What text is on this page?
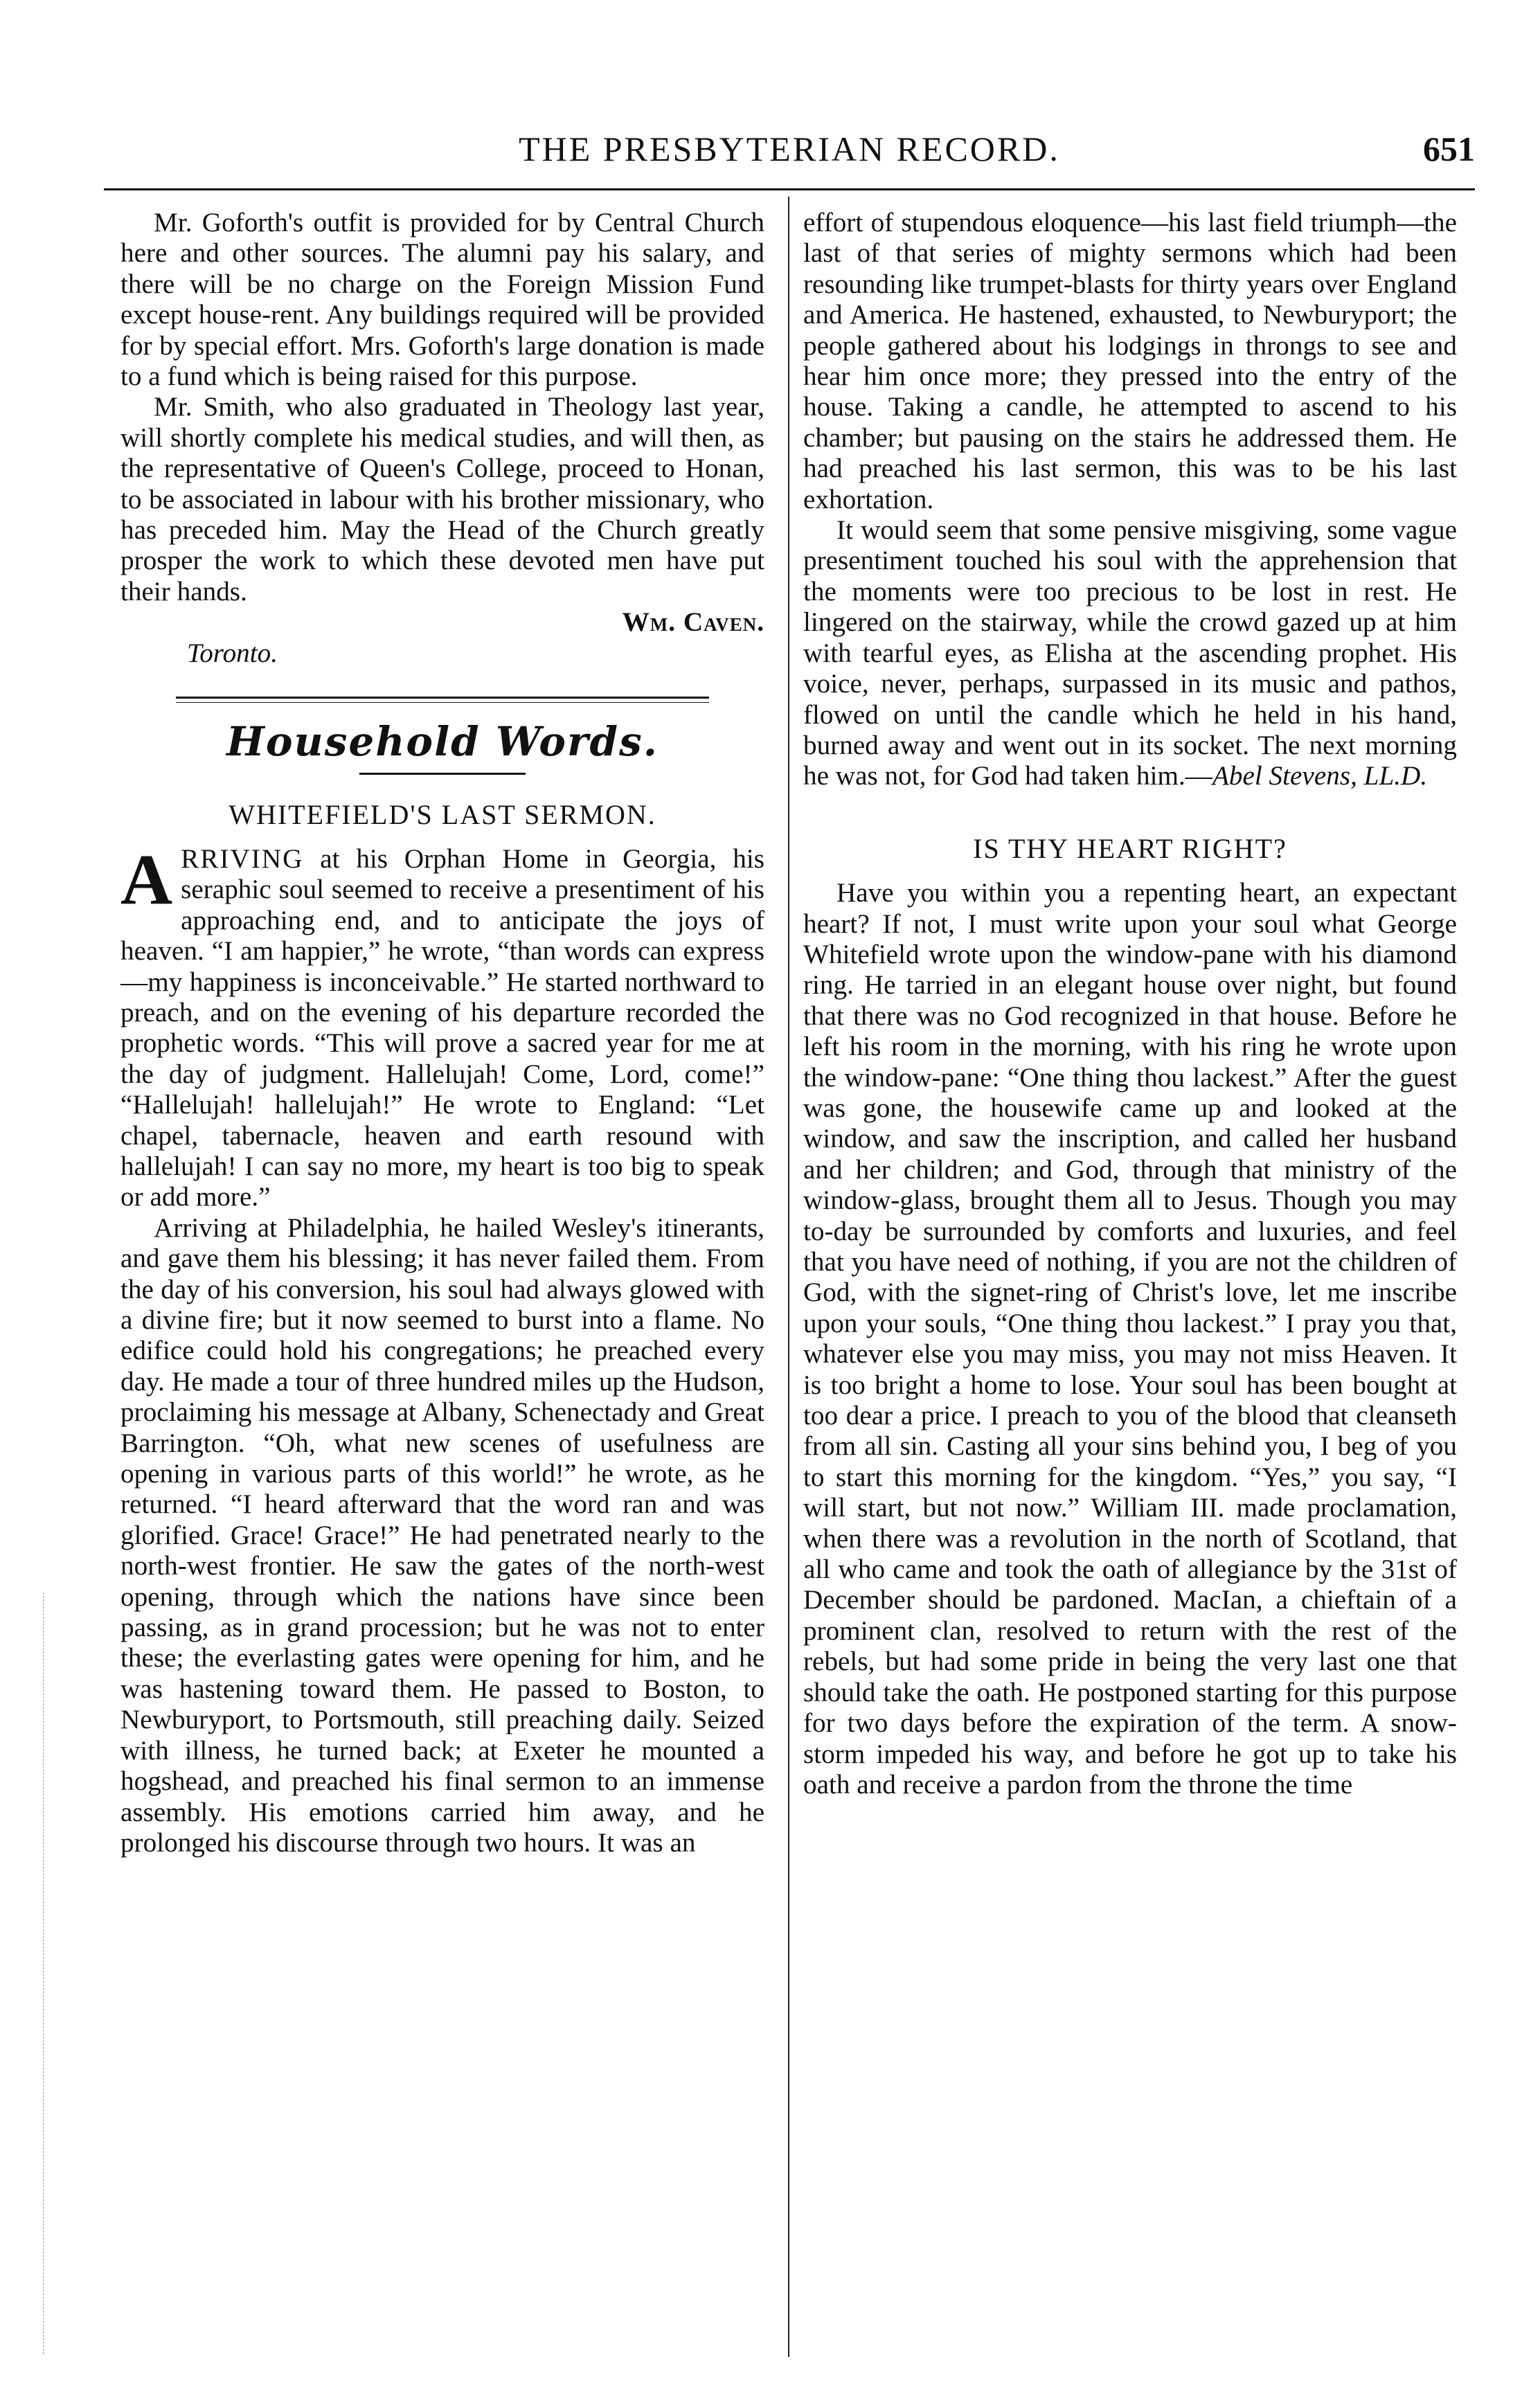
THE PRESBYTERIAN RECORD.	651

Mr. Goforth's outfit is provided for by Central Church here and other sources. The alumni pay his salary, and there will be no charge on the Foreign Mission Fund except house-rent. Any buildings required will be provided for by special effort. Mrs. Goforth's large donation is made to a fund which is being raised for this purpose.

Mr. Smith, who also graduated in Theology last year, will shortly complete his medical studies, and will then, as the representative of Queen's College, proceed to Honan, to be associated in labour with his brother missionary, who has preceded him. May the Head of the Church greatly prosper the work to which these devoted men have put their hands.

Wm. Caven.

Toronto.

Household Words.
WHITEFIELD'S LAST SERMON.

ARRIVING at his Orphan Home in Georgia, his seraphic soul seemed to receive a presentiment of his approaching end, and to anticipate the joys of heaven. “I am happier,” he wrote, “than words can express—my happiness is inconceivable.” He started northward to preach, and on the evening of his departure recorded the prophetic words. “This will prove a sacred year for me at the day of judgment. Hallelujah! Come, Lord, come!” “Hallelujah! hallelujah!” He wrote to England: “Let chapel, tabernacle, heaven and earth resound with hallelujah! I can say no more, my heart is too big to speak or add more.”

Arriving at Philadelphia, he hailed Wesley's itinerants, and gave them his blessing; it has never failed them. From the day of his conversion, his soul had always glowed with a divine fire; but it now seemed to burst into a flame. No edifice could hold his congregations; he preached every day. He made a tour of three hundred miles up the Hudson, proclaiming his message at Albany, Schenectady and Great Barrington. “Oh, what new scenes of usefulness are opening in various parts of this world!” he wrote, as he returned. “I heard afterward that the word ran and was glorified. Grace! Grace!” He had penetrated nearly to the north-west frontier. He saw the gates of the north-west opening, through which the nations have since been passing, as in grand procession; but he was not to enter these; the everlasting gates were opening for him, and he was hastening toward them. He passed to Boston, to Newburyport, to Portsmouth, still preaching daily. Seized with illness, he turned back; at Exeter he mounted a hogshead, and preached his final sermon to an immense assembly. His emotions carried him away, and he prolonged his discourse through two hours. It was an

effort of stupendous eloquence—his last field triumph—the last of that series of mighty sermons which had been resounding like trumpet-blasts for thirty years over England and America. He hastened, exhausted, to Newburyport; the people gathered about his lodgings in throngs to see and hear him once more; they pressed into the entry of the house. Taking a candle, he attempted to ascend to his chamber; but pausing on the stairs he addressed them. He had preached his last sermon, this was to be his last exhortation.

It would seem that some pensive misgiving, some vague presentiment touched his soul with the apprehension that the moments were too precious to be lost in rest. He lingered on the stairway, while the crowd gazed up at him with tearful eyes, as Elisha at the ascending prophet. His voice, never, perhaps, surpassed in its music and pathos, flowed on until the candle which he held in his hand, burned away and went out in its socket. The next morning he was not, for God had taken him.—Abel Stevens, LL.D.

IS THY HEART RIGHT?

Have you within you a repenting heart, an expectant heart? If not, I must write upon your soul what George Whitefield wrote upon the window-pane with his diamond ring. He tarried in an elegant house over night, but found that there was no God recognized in that house. Before he left his room in the morning, with his ring he wrote upon the window-pane: “One thing thou lackest.” After the guest was gone, the housewife came up and looked at the window, and saw the inscription, and called her husband and her children; and God, through that ministry of the window-glass, brought them all to Jesus. Though you may to-day be surrounded by comforts and luxuries, and feel that you have need of nothing, if you are not the children of God, with the signet-ring of Christ's love, let me inscribe upon your souls, “One thing thou lackest.” I pray you that, whatever else you may miss, you may not miss Heaven. It is too bright a home to lose. Your soul has been bought at too dear a price. I preach to you of the blood that cleanseth from all sin. Casting all your sins behind you, I beg of you to start this morning for the kingdom. “Yes,” you say, “I will start, but not now.” William III. made proclamation, when there was a revolution in the north of Scotland, that all who came and took the oath of allegiance by the 31st of December should be pardoned. MacIan, a chieftain of a prominent clan, resolved to return with the rest of the rebels, but had some pride in being the very last one that should take the oath. He postponed starting for this purpose for two days before the expiration of the term. A snow-storm impeded his way, and before he got up to take his oath and receive a pardon from the throne the time
